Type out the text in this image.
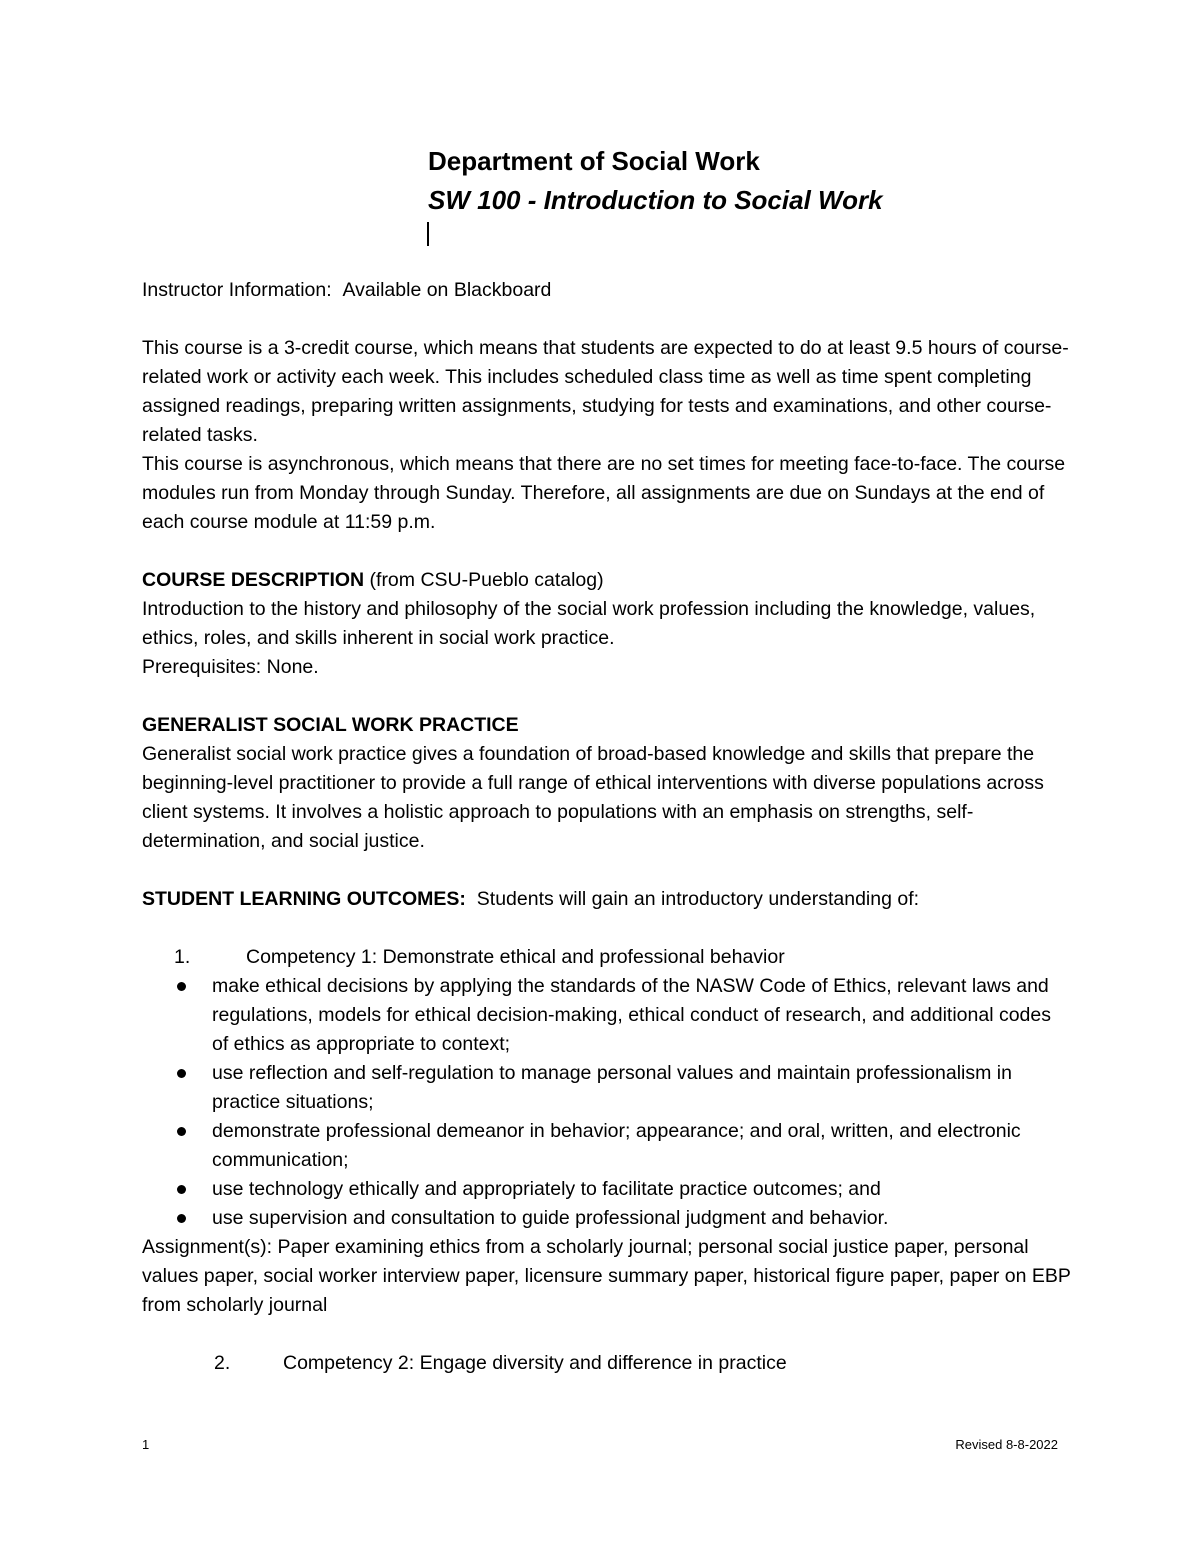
Department of Social Work
SW 100 - Introduction to Social Work

Instructor Information: Available on Blackboard

This course is a 3-credit course, which means that students are expected to do at least 9.5 hours of course-related work or activity each week. This includes scheduled class time as well as time spent completing assigned readings, preparing written assignments, studying for tests and examinations, and other course-related tasks.

This course is asynchronous, which means that there are no set times for meeting face-to-face. The course modules run from Monday through Sunday. Therefore, all assignments are due on Sundays at the end of each course module at 11:59 p.m.

COURSE DESCRIPTION (from CSU-Pueblo catalog)

Introduction to the history and philosophy of the social work profession including the knowledge, values, ethics, roles, and skills inherent in social work practice.

Prerequisites: None.

GENERALIST SOCIAL WORK PRACTICE

Generalist social work practice gives a foundation of broad-based knowledge and skills that prepare the beginning-level practitioner to provide a full range of ethical interventions with diverse populations across client systems. It involves a holistic approach to populations with an emphasis on strengths, self-determination, and social justice.

STUDENT LEARNING OUTCOMES: Students will gain an introductory understanding of:

1.	Competency 1: Demonstrate ethical and professional behavior
make ethical decisions by applying the standards of the NASW Code of Ethics, relevant laws and regulations, models for ethical decision-making, ethical conduct of research, and additional codes of ethics as appropriate to context;
use reflection and self-regulation to manage personal values and maintain professionalism in practice situations;
demonstrate professional demeanor in behavior; appearance; and oral, written, and electronic communication;
use technology ethically and appropriately to facilitate practice outcomes; and
use supervision and consultation to guide professional judgment and behavior.

Assignment(s): Paper examining ethics from a scholarly journal; personal social justice paper, personal values paper, social worker interview paper, licensure summary paper, historical figure paper, paper on EBP from scholarly journal

2.	Competency 2: Engage diversity and difference in practice
1	Revised 8-8-2022
